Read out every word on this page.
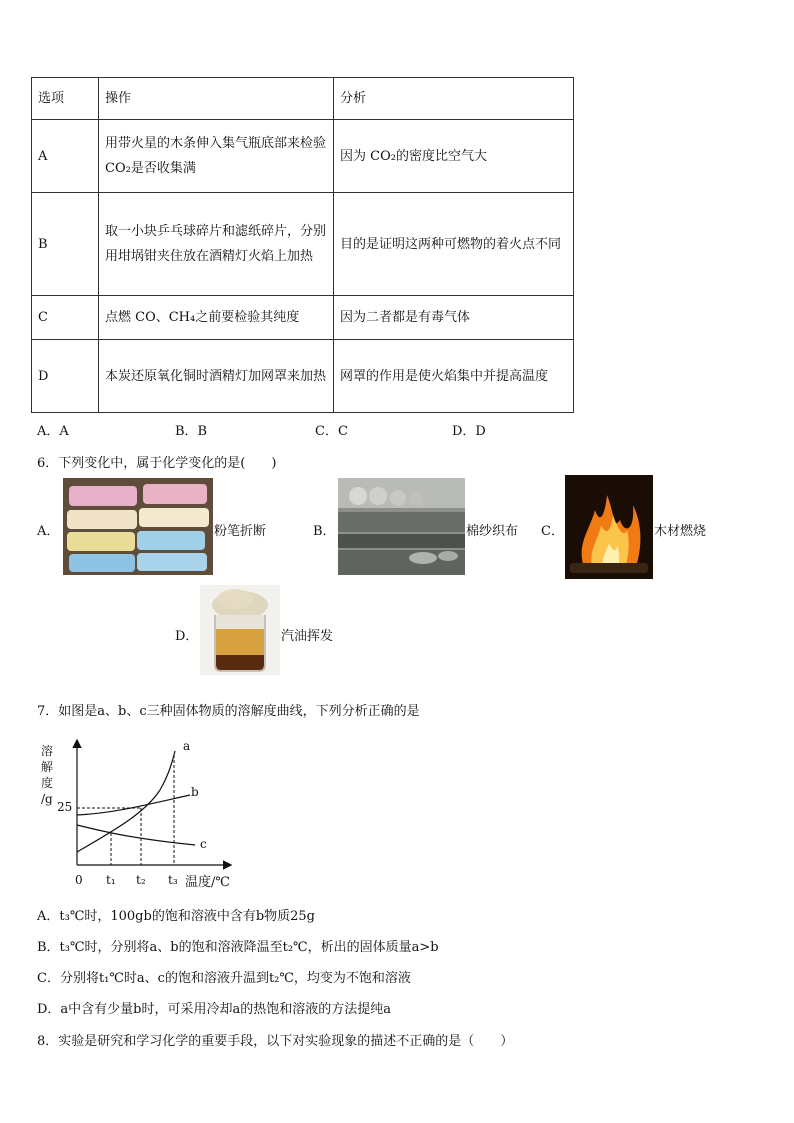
选项	操作	分析
A	用带火星的木条伸入集气瓶底部来检验 CO₂是否收集满	因为 CO₂的密度比空气大
B	取一小块乒乓球碎片和滤纸碎片，分别用坩埚钳夹住放在酒精灯火焰上加热	目的是证明这两种可燃物的着火点不同
C	点燃 CO、CH₄之前要检验其纯度	因为二者都是有毒气体
D	本炭还原氧化铜时酒精灯加网罩来加热	网罩的作用是使火焰集中并提高温度
A．A	B．B	C．C	D．D
6．下列变化中，属于化学变化的是(　　)
A．	粉笔折断	B．	棉纱织布 C．	木材燃烧
D．	汽油挥发
7．如图是a、b、c三种固体物质的溶解度曲线，下列分析正确的是
溶
解
度
/g
25
0 t₁ t₂ t₃ 温度/℃
a
b
c
A．t₃℃时，100gb的饱和溶液中含有b物质25g
B．t₃℃时，分别将a、b的饱和溶液降温至t₂℃，析出的固体质量a>b
C．分别将t₁℃时a、c的饱和溶液升温到t₂℃，均变为不饱和溶液
D．a中含有少量b时，可采用冷却a的热饱和溶液的方法提纯a
8．实验是研究和学习化学的重要手段，以下对实验现象的描述不正确的是（　　）
